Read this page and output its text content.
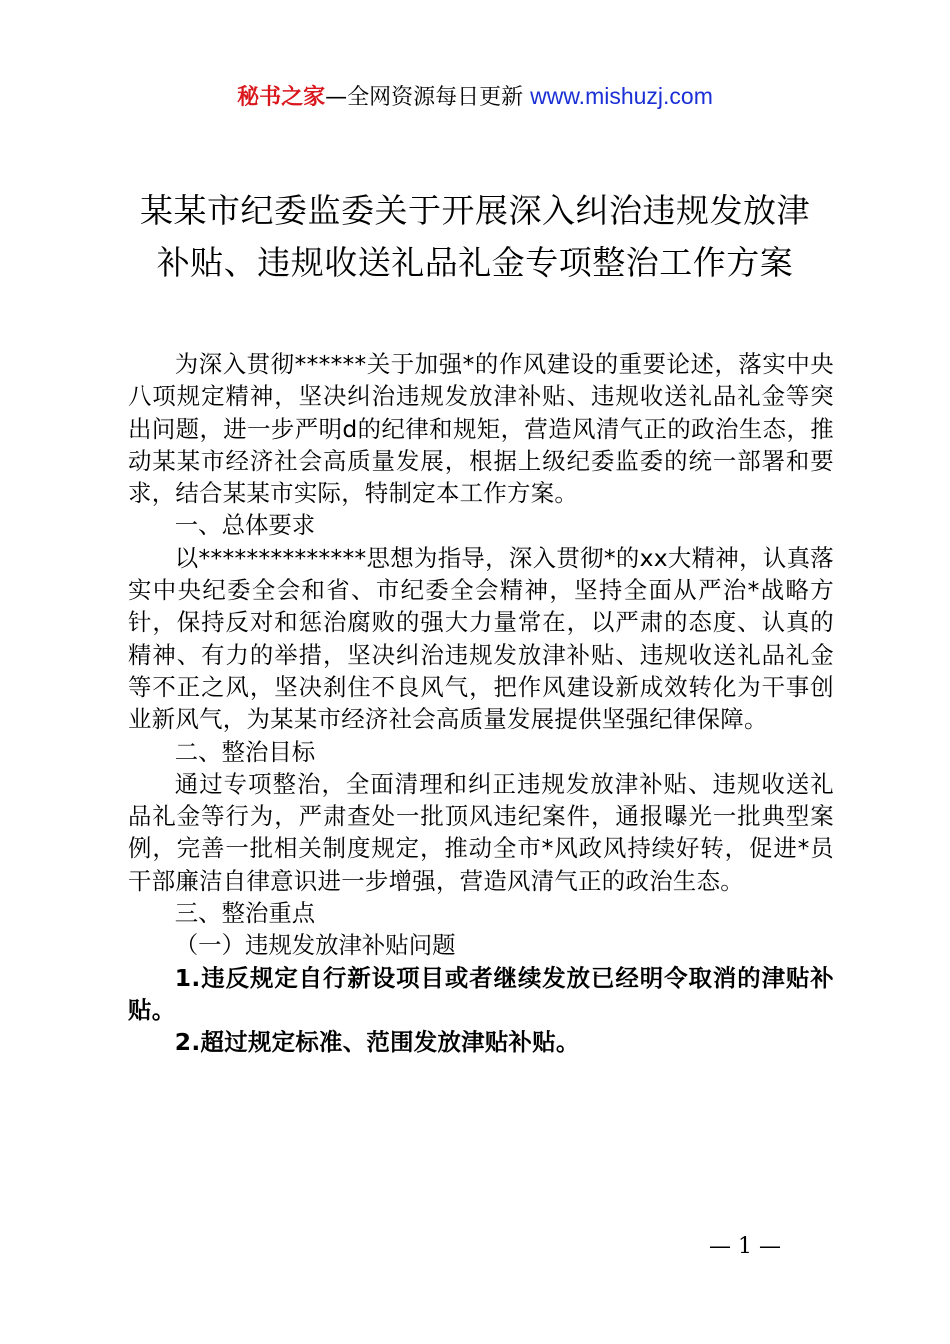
秘书之家—全网资源每日更新 www.mishuzj.com
某某市纪委监委关于开展深入纠治违规发放津
补贴、违规收送礼品礼金专项整治工作方案

为深入贯彻******关于加强*的作风建设的重要论述，落实中央八项规定精神，坚决纠治违规发放津补贴、违规收送礼品礼金等突出问题，进一步严明d的纪律和规矩，营造风清气正的政治生态，推动某某市经济社会高质量发展，根据上级纪委监委的统一部署和要求，结合某某市实际，特制定本工作方案。

一、总体要求

以**************思想为指导，深入贯彻*的xx大精神，认真落实中央纪委全会和省、市纪委全会精神，坚持全面从严治*战略方针，保持反对和惩治腐败的强大力量常在，以严肃的态度、认真的精神、有力的举措，坚决纠治违规发放津补贴、违规收送礼品礼金等不正之风，坚决刹住不良风气，把作风建设新成效转化为干事创业新风气，为某某市经济社会高质量发展提供坚强纪律保障。

二、整治目标

通过专项整治，全面清理和纠正违规发放津补贴、违规收送礼品礼金等行为，严肃查处一批顶风违纪案件，通报曝光一批典型案例，完善一批相关制度规定，推动全市*风政风持续好转，促进*员干部廉洁自律意识进一步增强，营造风清气正的政治生态。

三、整治重点

（一）违规发放津补贴问题

1.违反规定自行新设项目或者继续发放已经明令取消的津贴补贴。

2.超过规定标准、范围发放津贴补贴。

— 1 —
